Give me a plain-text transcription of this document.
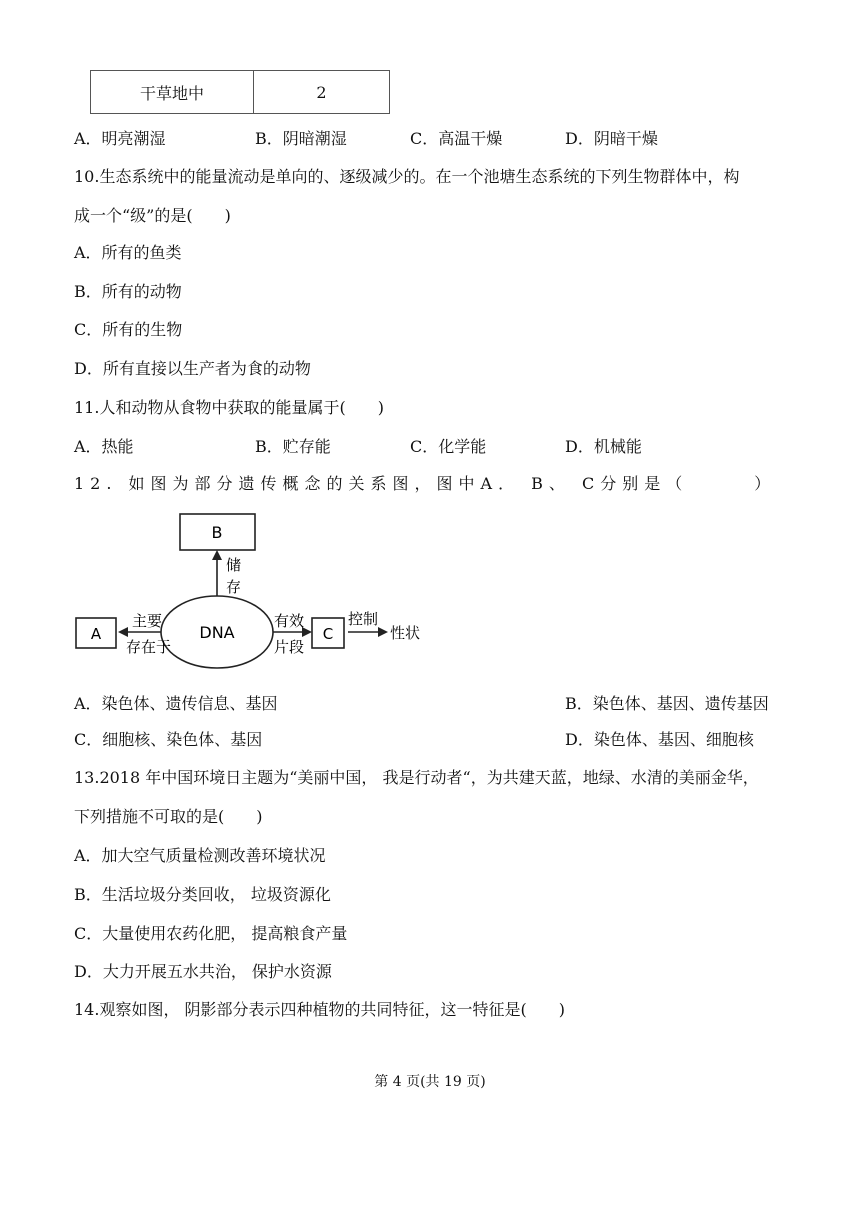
干草地中	2
A．明亮潮湿	B．阴暗潮湿	C．高温干燥	D．阴暗干燥
10.生态系统中的能量流动是单向的、逐级减少的。在一个池塘生态系统的下列生物群体中，构
成一个“级”的是(　　)
A．所有的鱼类
B．所有的动物
C．所有的生物
D．所有直接以生产者为食的动物
11.人和动物从食物中获取的能量属于(　　)
A．热能	B．贮存能	C．化学能	D．机械能
12. 如图为部分遗传概念的关系图，图中A． B、 C分别是（　　　）
B
储
存
DNA
A
主要
存在于
C
有效
片段
控制
性状
A．染色体、遗传信息、基因	B．染色体、基因、遗传基因
C．细胞核、染色体、基因	D．染色体、基因、细胞核
13.2018 年中国环境日主题为“美丽中国， 我是行动者“，为共建天蓝，地绿、水清的美丽金华，
下列措施不可取的是(　　)
A．加大空气质量检测改善环境状况
B．生活垃圾分类回收， 垃圾资源化
C．大量使用农药化肥， 提高粮食产量
D．大力开展五水共治， 保护水资源
14.观察如图， 阴影部分表示四种植物的共同特征，这一特征是(　　)
第 4 页(共 19 页)
